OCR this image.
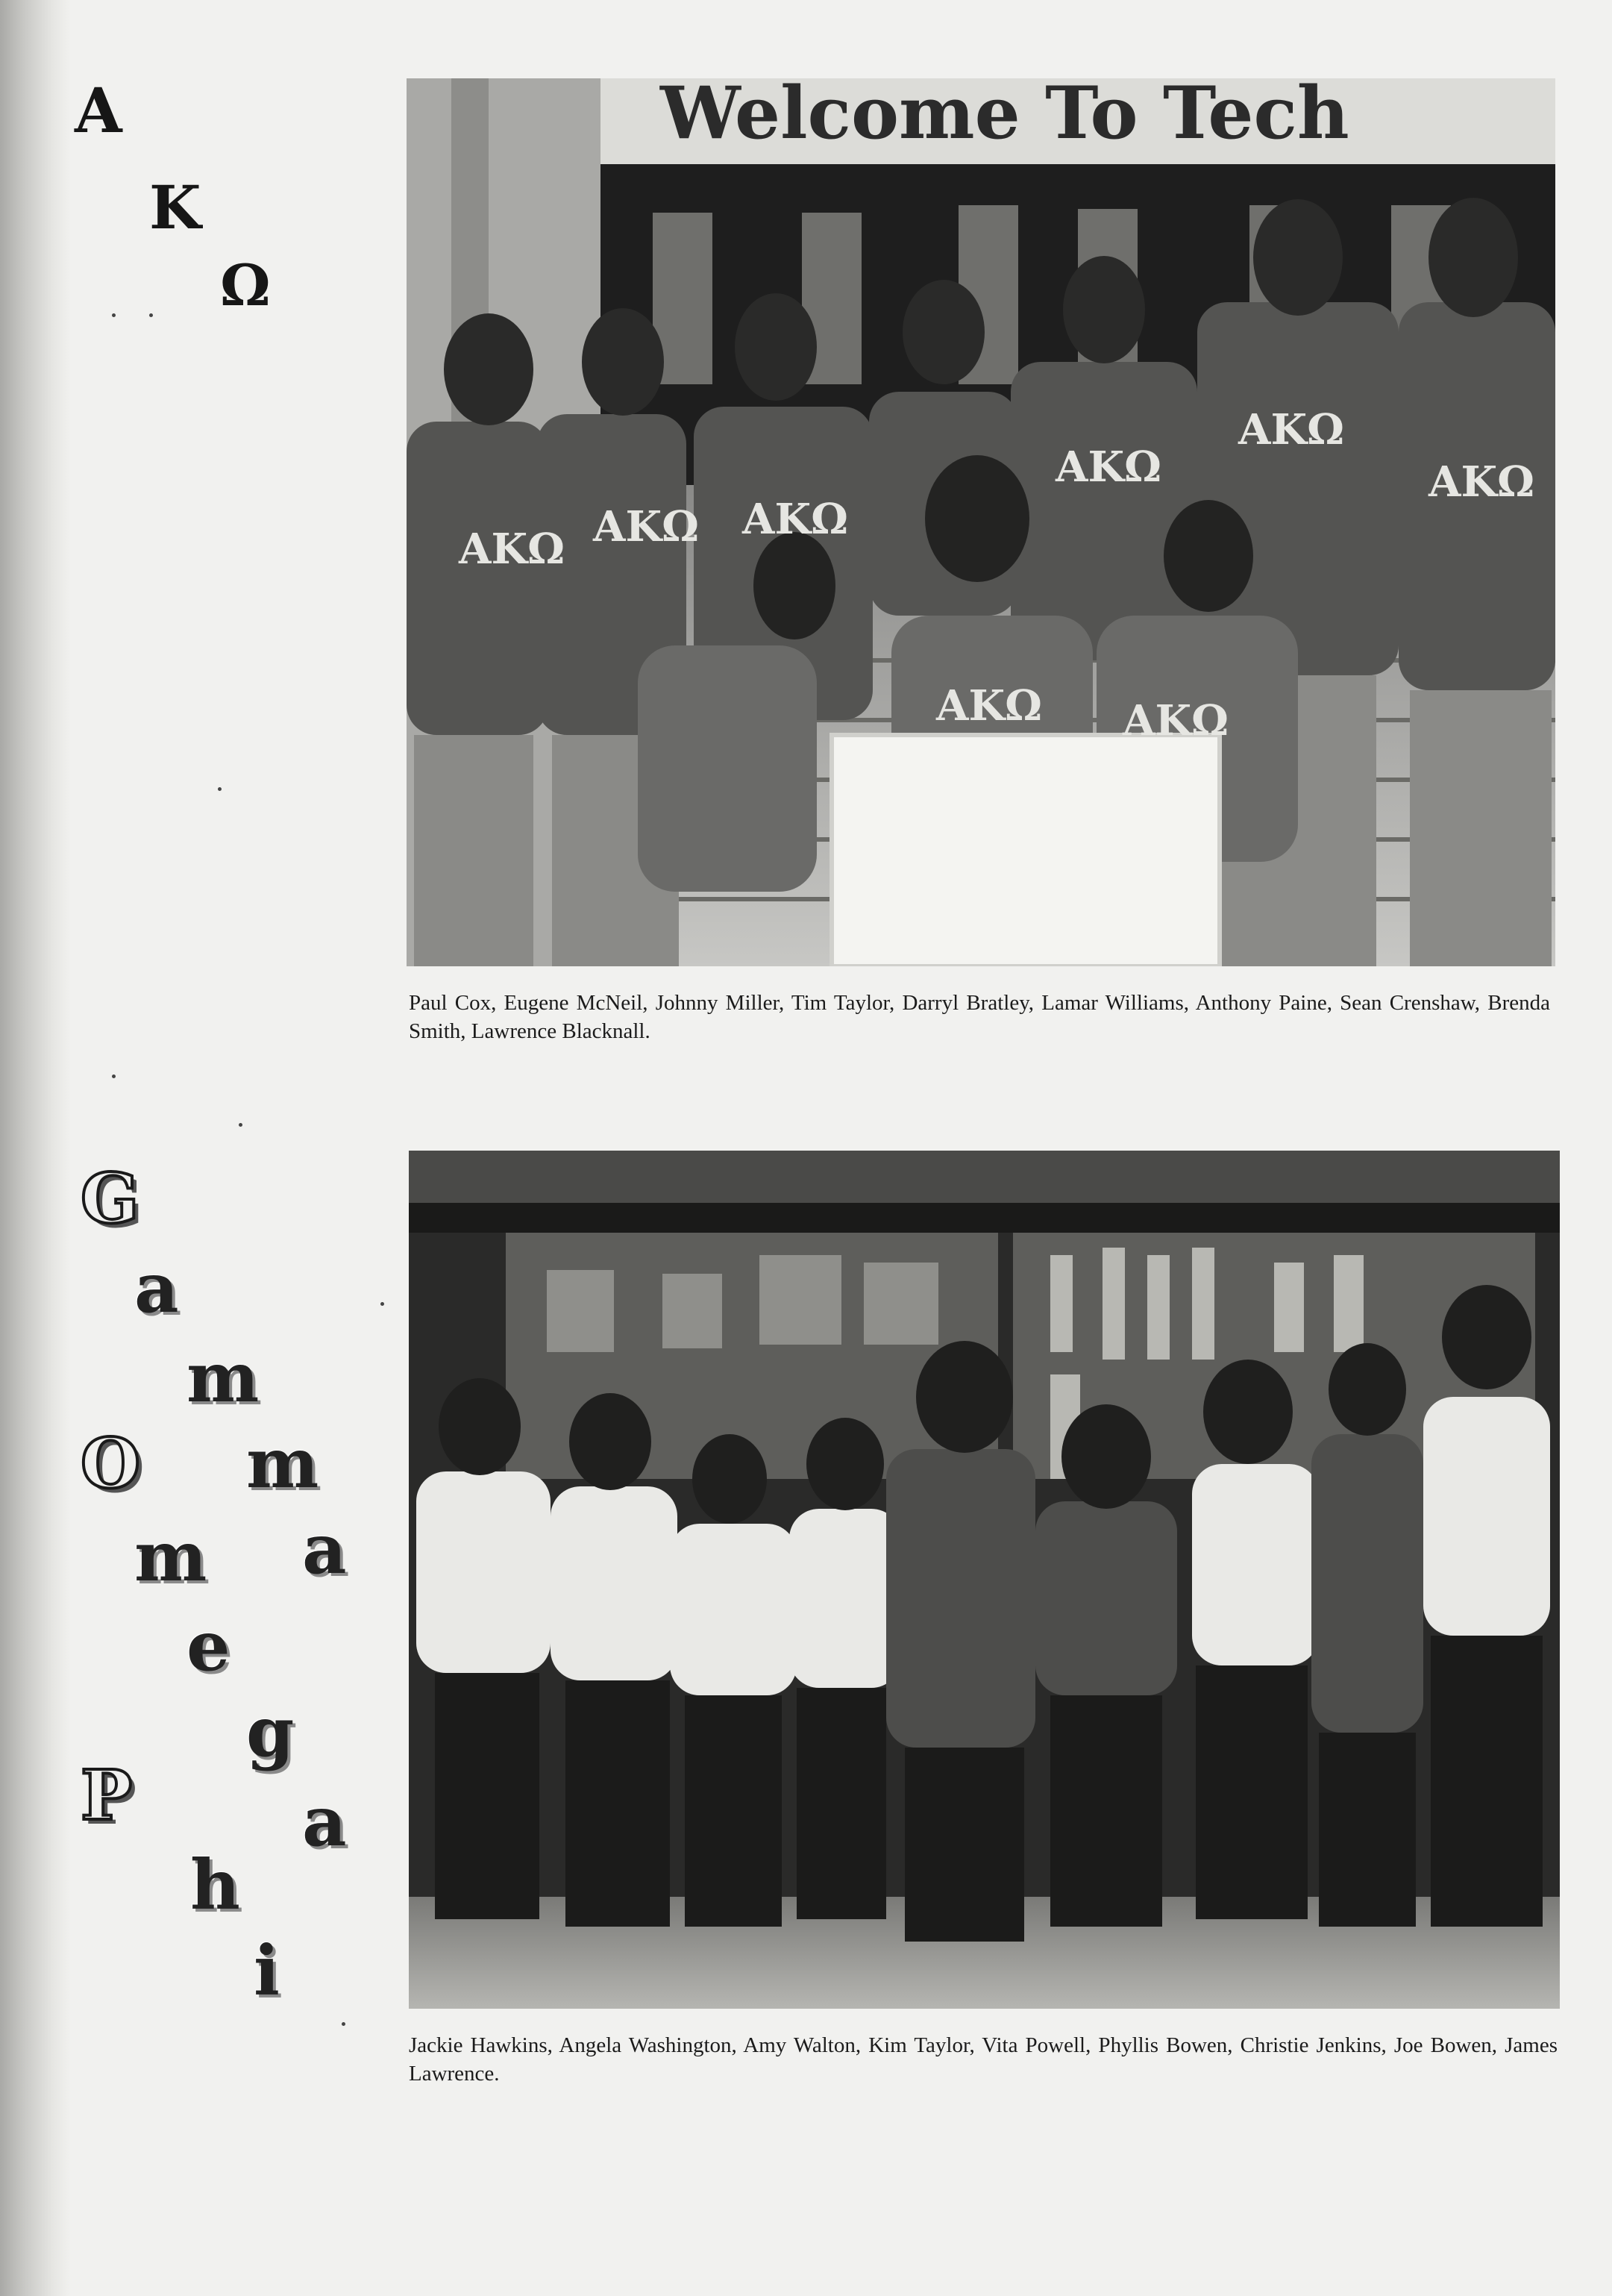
A
K
Ω
G
a
m
m
a
O
m
e
g
a
P
h
i
AKΩ AKΩ AKΩ
AKΩ
AKΩ
AKΩ
AKΩ AKΩ
Welcome To Tech
Paul Cox, Eugene McNeil, Johnny Miller, Tim Taylor, Darryl Bratley, Lamar Williams, Anthony Paine, Sean Crenshaw, Brenda Smith, Lawrence Blacknall.
Jackie Hawkins, Angela Washington, Amy Walton, Kim Taylor, Vita Powell, Phyllis Bowen, Christie Jenkins, Joe Bowen, James Lawrence.
